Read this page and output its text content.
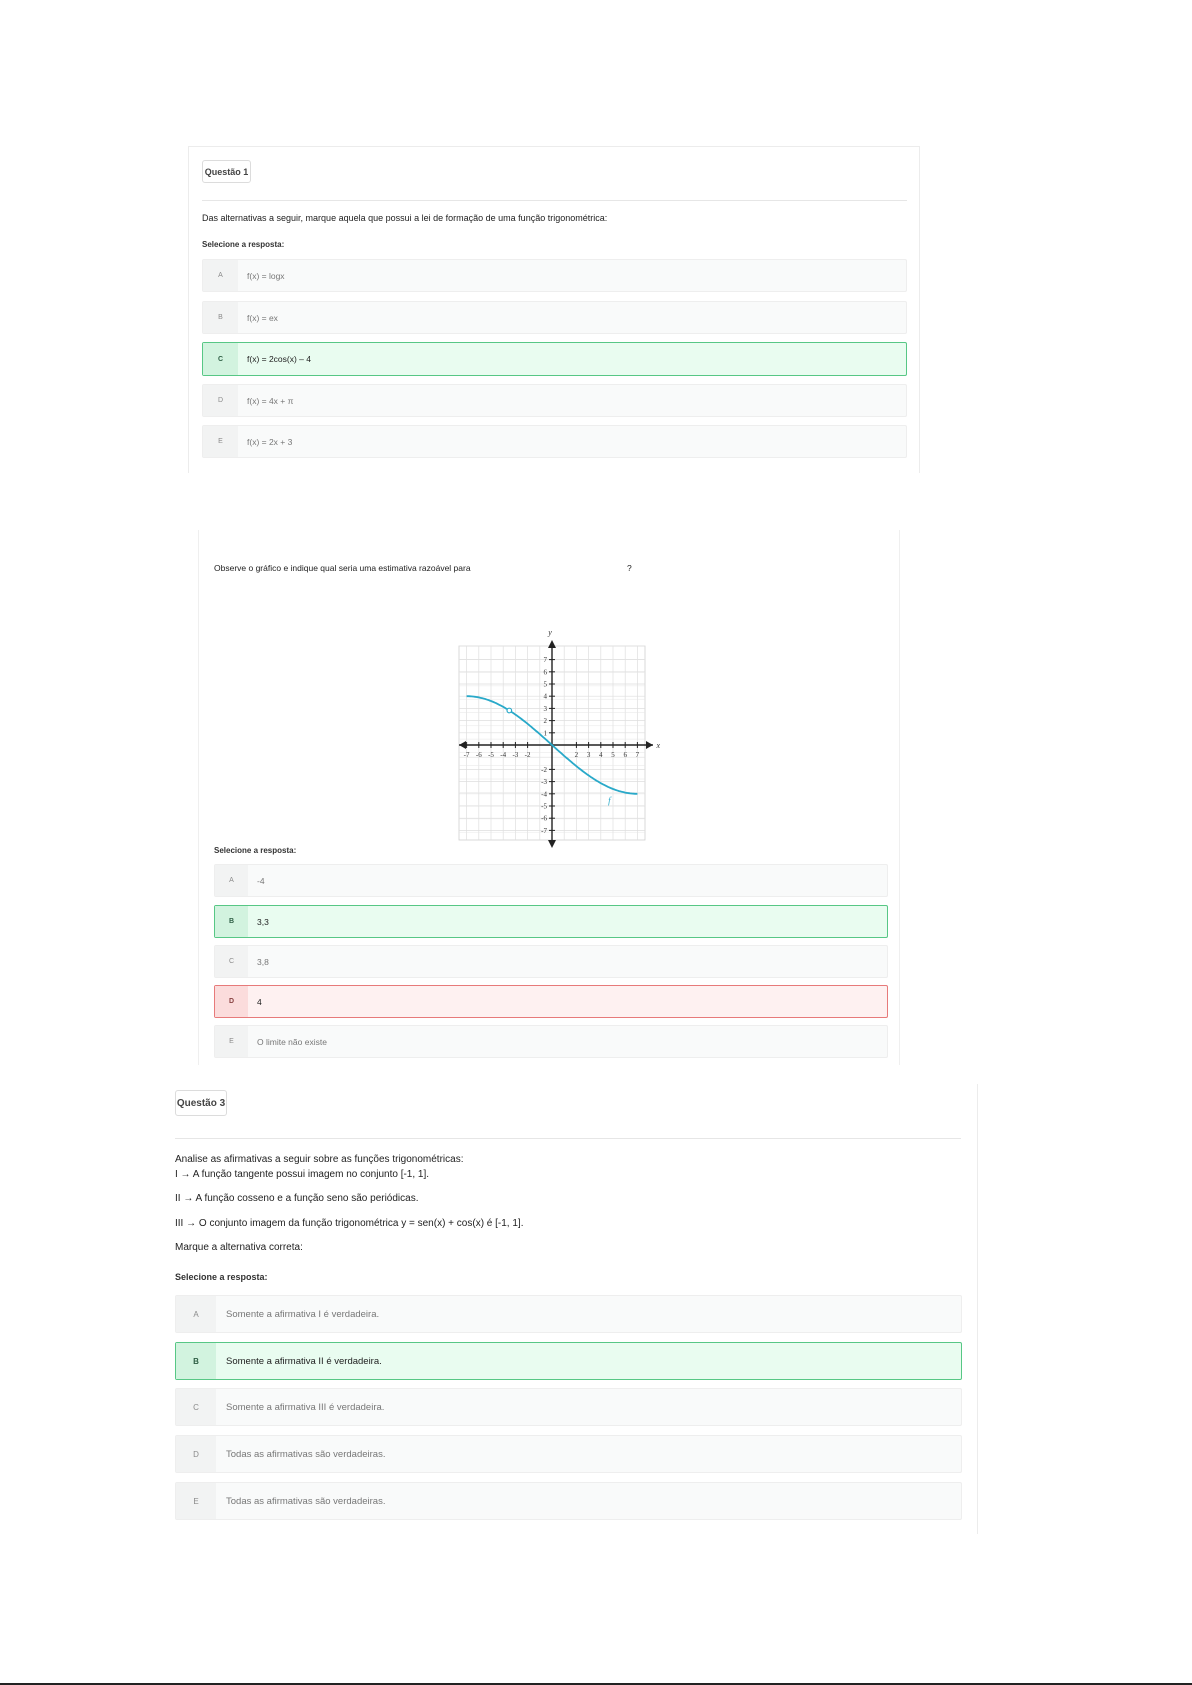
Questão 1
Das alternativas a seguir, marque aquela que possui a lei de formação de uma função trigonométrica:
Selecione a resposta:
A	f(x) = logx
B	f(x) = ex
C	f(x) = 2cos(x) – 4
D	f(x) = 4x + π
E	f(x) = 2x + 3
Observe o gráfico e indique qual seria uma estimativa razoável para	?
-7 -6 -5 -4 -3 -2	2 3 4 5 6 7
7
6
5
4
3
2
1
-2
-3
-4
-5
-6
-7
y
x
f
Selecione a resposta:
A	-4
B	3,3
C	3,8
D	4
E	O limite não existe
Questão 3
Analise as afirmativas a seguir sobre as funções trigonométricas:
I → A função tangente possui imagem no conjunto [-1, 1].
II → A função cosseno e a função seno são periódicas.
III → O conjunto imagem da função trigonométrica y = sen(x) + cos(x) é [-1, 1].
Marque a alternativa correta:
Selecione a resposta:
A	Somente a afirmativa I é verdadeira.
B	Somente a afirmativa II é verdadeira.
C	Somente a afirmativa III é verdadeira.
D	Todas as afirmativas são verdadeiras.
E	Todas as afirmativas são verdadeiras.
